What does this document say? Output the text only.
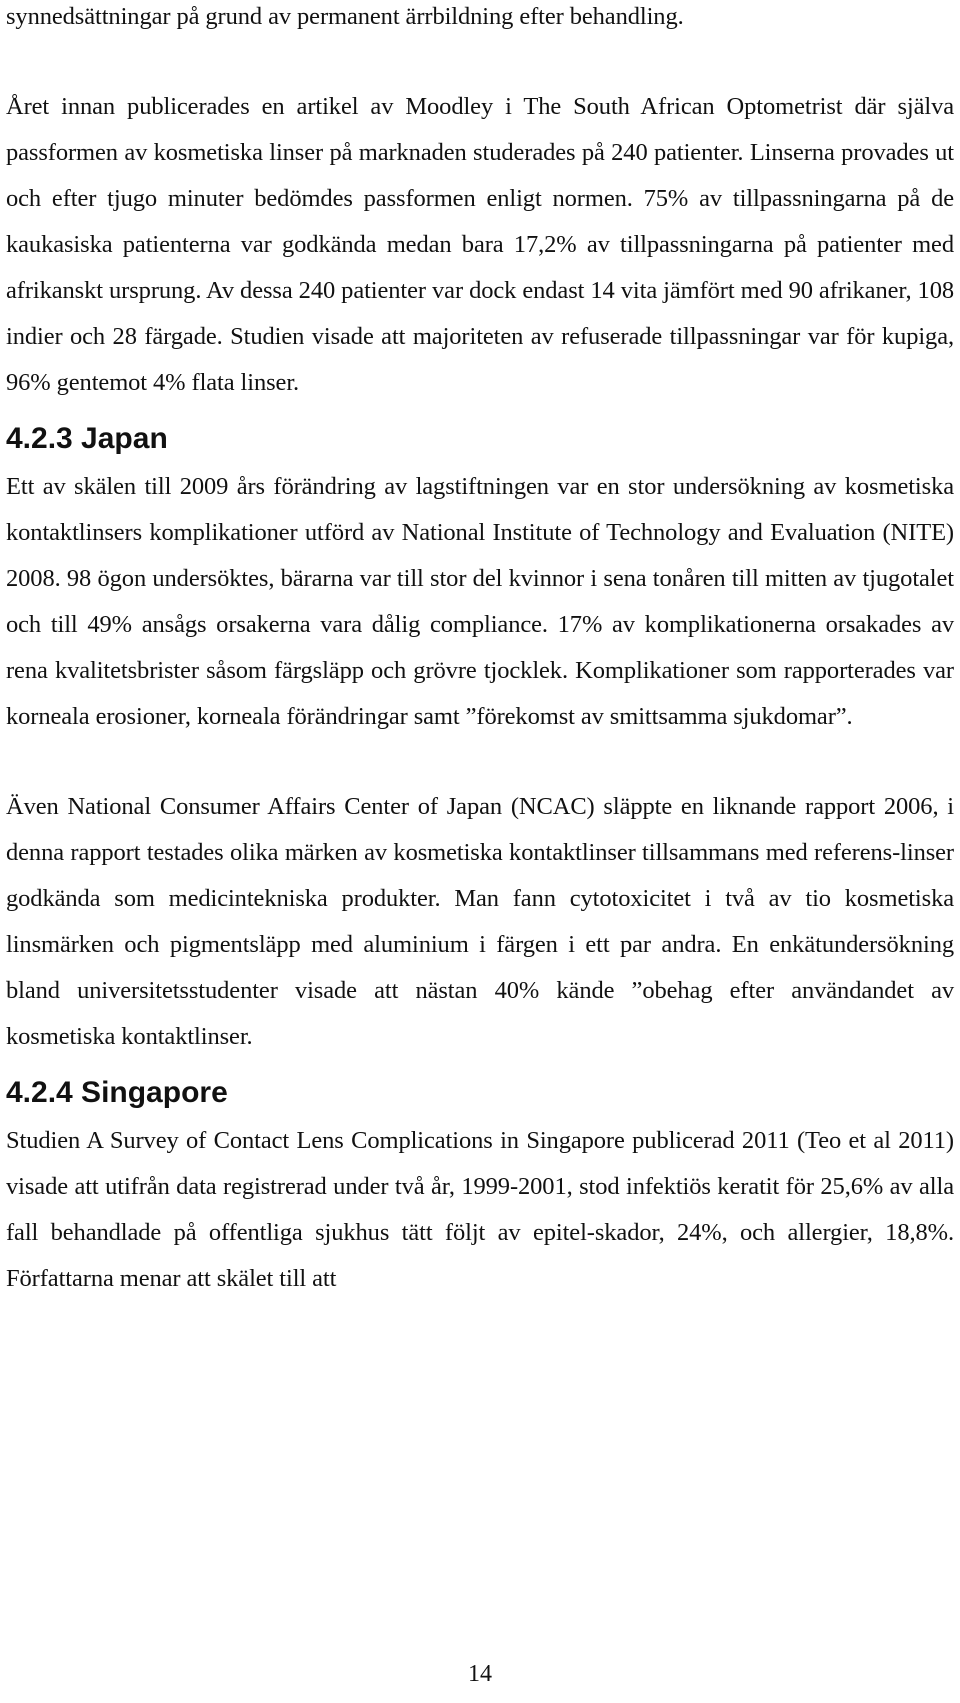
synnedsättningar på grund av permanent ärrbildning efter behandling.

Året innan publicerades en artikel av Moodley i The South African Optometrist där själva passformen av kosmetiska linser på marknaden studerades på 240 patienter. Linserna provades ut och efter tjugo minuter bedömdes passformen enligt normen. 75% av tillpassningarna på de kaukasiska patienterna var godkända medan bara 17,2% av tillpassningarna på patienter med afrikanskt ursprung. Av dessa 240 patienter var dock endast 14 vita jämfört med 90 afrikaner, 108 indier och 28 färgade. Studien visade att majoriteten av refuserade tillpassningar var för kupiga, 96% gentemot 4% flata linser.

4.2.3 Japan

Ett av skälen till 2009 års förändring av lagstiftningen var en stor undersökning av kosmetiska kontaktlinsers komplikationer utförd av National Institute of Technology and Evaluation (NITE) 2008. 98 ögon undersöktes, bärarna var till stor del kvinnor i sena tonåren till mitten av tjugotalet och till 49% ansågs orsakerna vara dålig compliance. 17% av komplikationerna orsakades av rena kvalitetsbrister såsom färgsläpp och grövre tjocklek. Komplikationer som rapporterades var korneala erosioner, korneala förändringar samt ”förekomst av smittsamma sjukdomar”.

Även National Consumer Affairs Center of Japan (NCAC) släppte en liknande rapport 2006, i denna rapport testades olika märken av kosmetiska kontaktlinser tillsammans med referens-linser godkända som medicintekniska produkter. Man fann cytotoxicitet i två av tio kosmetiska linsmärken och pigmentsläpp med aluminium i färgen i ett par andra. En enkätundersökning bland universitetsstudenter visade att nästan 40% kände ”obehag efter användandet av kosmetiska kontaktlinser.

4.2.4 Singapore

Studien A Survey of Contact Lens Complications in Singapore publicerad 2011 (Teo et al 2011) visade att utifrån data registrerad under två år, 1999-2001, stod infektiös keratit för 25,6% av alla fall behandlade på offentliga sjukhus tätt följt av epitel-skador, 24%, och allergier, 18,8%. Författarna menar att skälet till att

14
